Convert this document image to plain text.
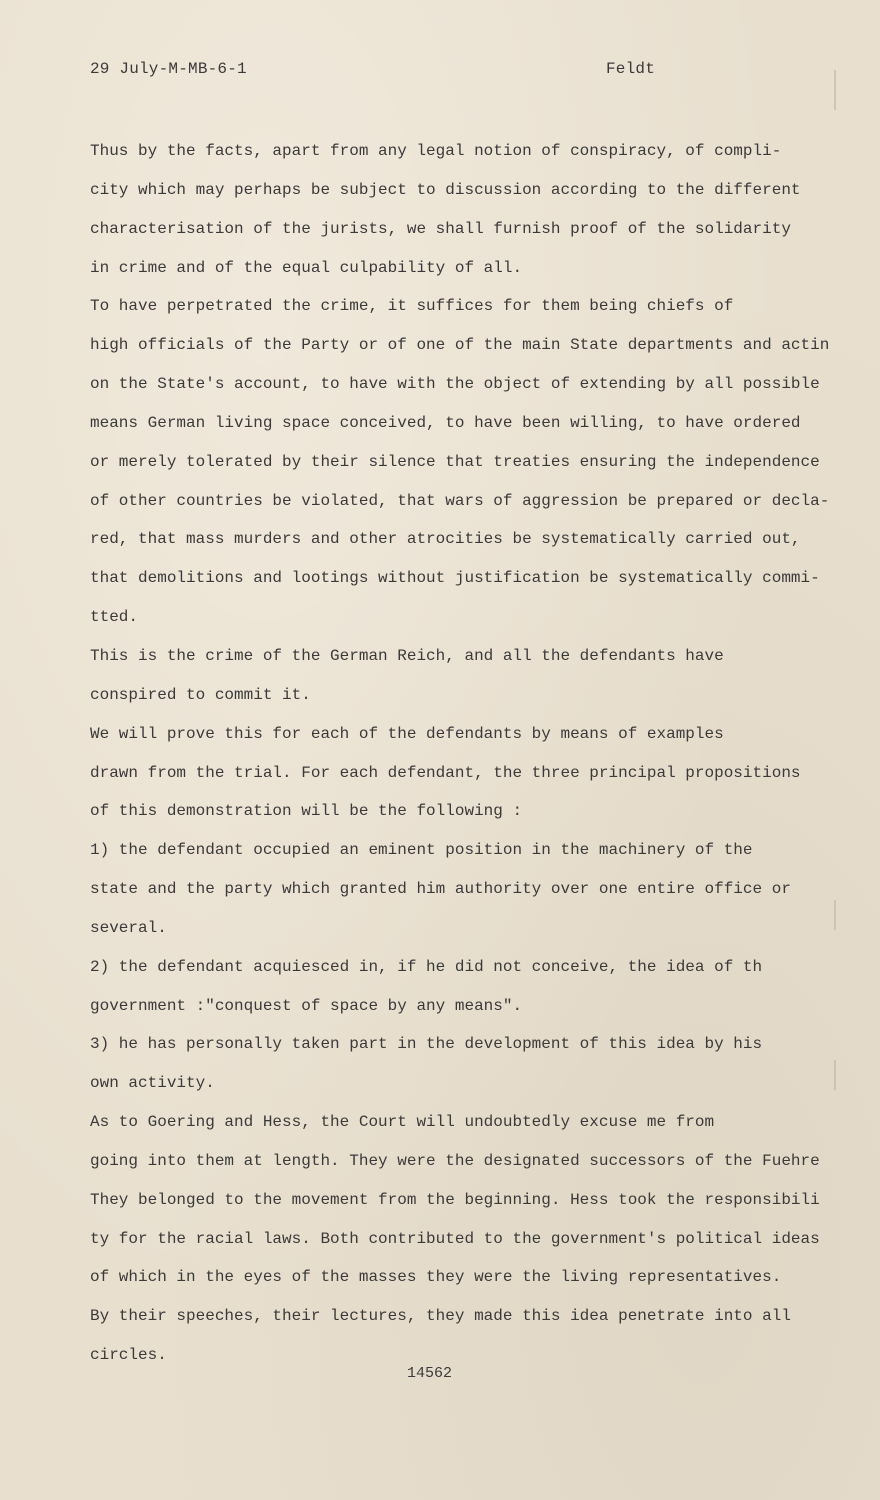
29 July-M-MB-6-1	Feldt
Thus by the facts, apart from any legal notion of conspiracy, of compli-
city which may perhaps be subject to discussion according to the different
characterisation of the jurists, we shall furnish proof of the solidarity
in crime and of the equal culpability of all.
To have perpetrated the crime, it suffices for them being chiefs of
high officials of the Party or of one of the main State departments and actin
on the State's account, to have with the object of extending by all possible
means German living space conceived, to have been willing, to have ordered
or merely tolerated by their silence that treaties ensuring the independence
of other countries be violated, that wars of aggression be prepared or decla-
red, that mass murders and other atrocities be systematically carried out,
that demolitions and lootings without justification be systematically commi-
tted.
This is the crime of the German Reich, and all the defendants have
conspired to commit it.
We will prove this for each of the defendants by means of examples
drawn from the trial. For each defendant, the three principal propositions
of this demonstration will be the following :
1) the defendant occupied an eminent position in the machinery of the
state and the party which granted him authority over one entire office or
several.
2) the defendant acquiesced in, if he did not conceive, the idea of th
government :"conquest of space by any means".
3) he has personally taken part in the development of this idea by his
own activity.
As to Goering and Hess, the Court will undoubtedly excuse me from
going into them at length. They were the designated successors of the Fuehre
They belonged to the movement from the beginning. Hess took the responsibili
ty for the racial laws. Both contributed to the government's political ideas
of which in the eyes of the masses they were the living representatives.
By their speeches, their lectures, they made this idea penetrate into all
circles.
14562
